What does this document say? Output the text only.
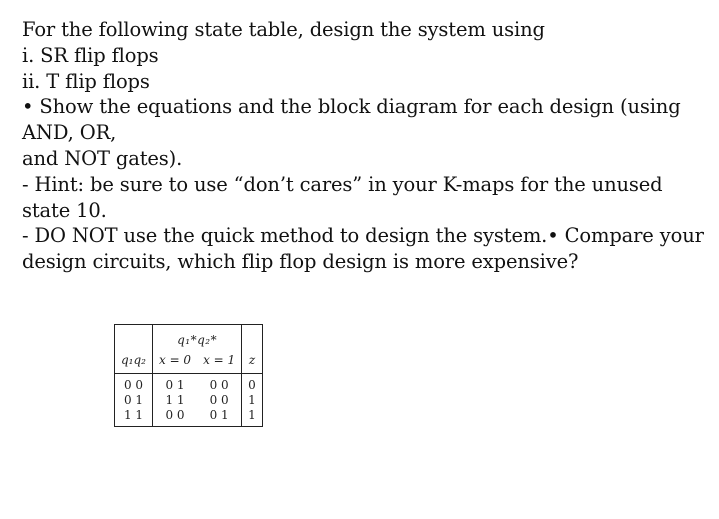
For the following state table, design the system using
i. SR flip flops
ii. T flip flops
• Show the equations and the block diagram for each design (using
AND, OR,
and NOT gates).
- Hint: be sure to use “don’t cares” in your K-maps for the unused
state 10.
- DO NOT use the quick method to design the system.• Compare your
design circuits, which flip flop design is more expensive?
	q₁*q₂*		
q₁q₂	x = 0	x = 1	z
0 0	0 1	0 0	0
0 1	1 1	0 0	1
1 1	0 0	0 1	1
